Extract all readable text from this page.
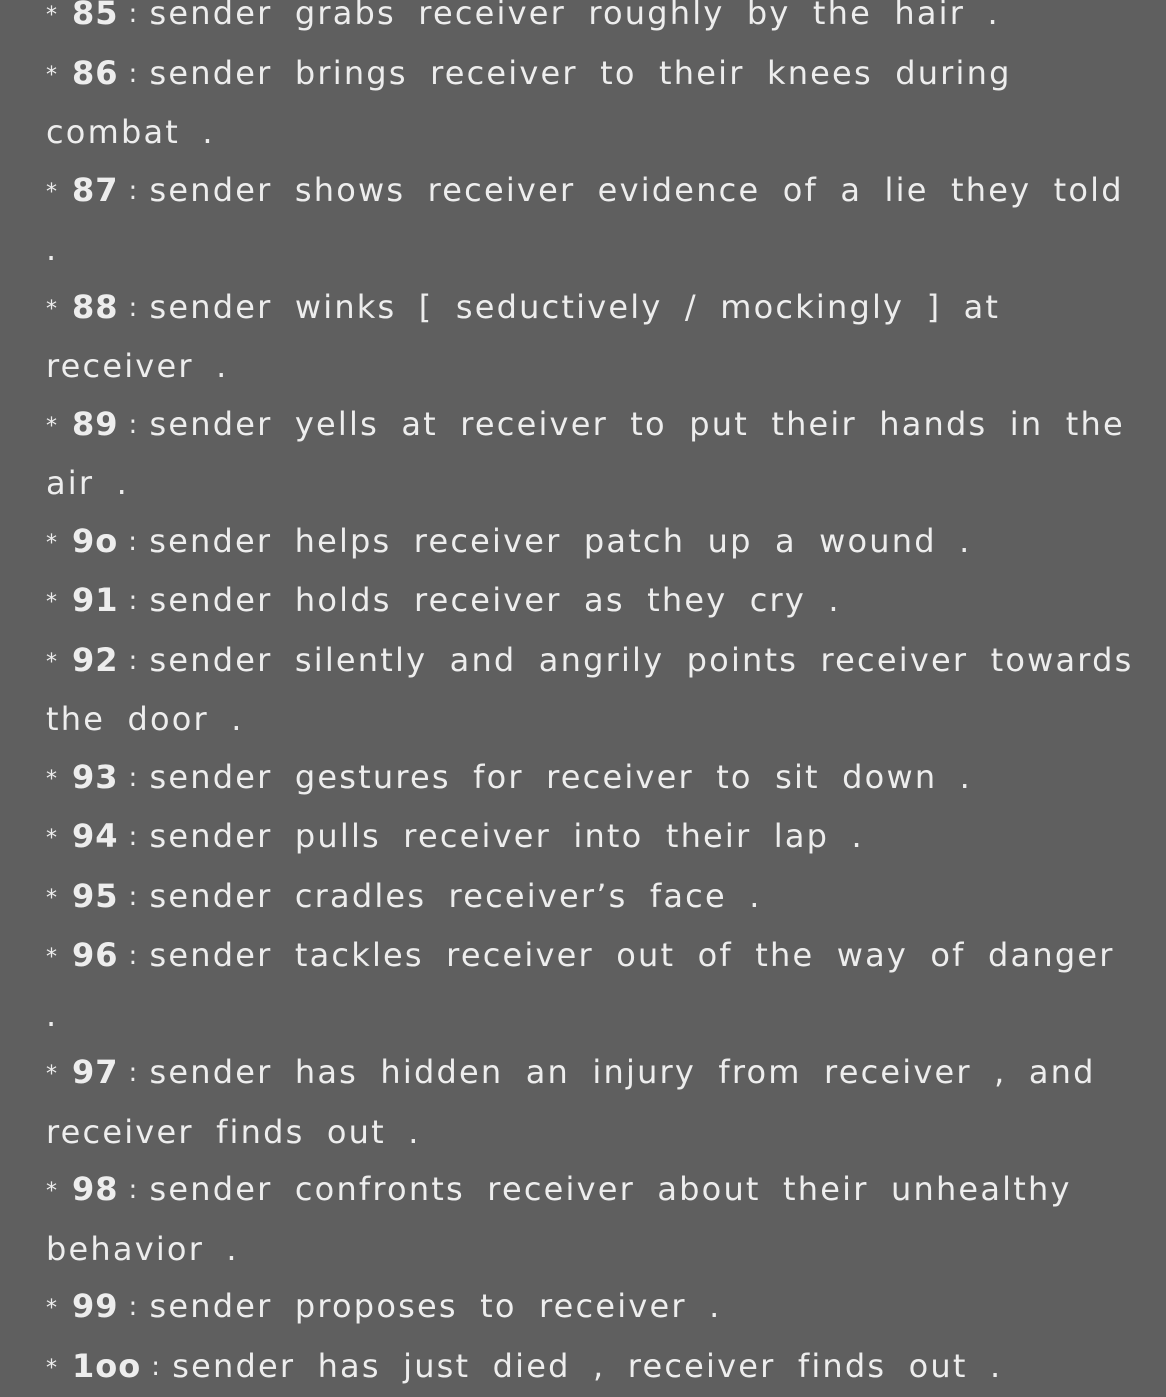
* 85 : sender grabs receiver roughly by the hair .
* 86 : sender brings receiver to their knees during combat .
* 87 : sender shows receiver evidence of a lie they told .
* 88 : sender winks [ seductively / mockingly ] at receiver .
* 89 : sender yells at receiver to put their hands in the air .
* 9o : sender helps receiver patch up a wound .
* 91 : sender holds receiver as they cry .
* 92 : sender silently and angrily points receiver towards the door .
* 93 : sender gestures for receiver to sit down .
* 94 : sender pulls receiver into their lap .
* 95 : sender cradles receiver’s face .
* 96 : sender tackles receiver out of the way of danger .
* 97 : sender has hidden an injury from receiver , and receiver finds out .
* 98 : sender confronts receiver about their unhealthy behavior .
* 99 : sender proposes to receiver .
* 1oo : sender has just died , receiver finds out .
